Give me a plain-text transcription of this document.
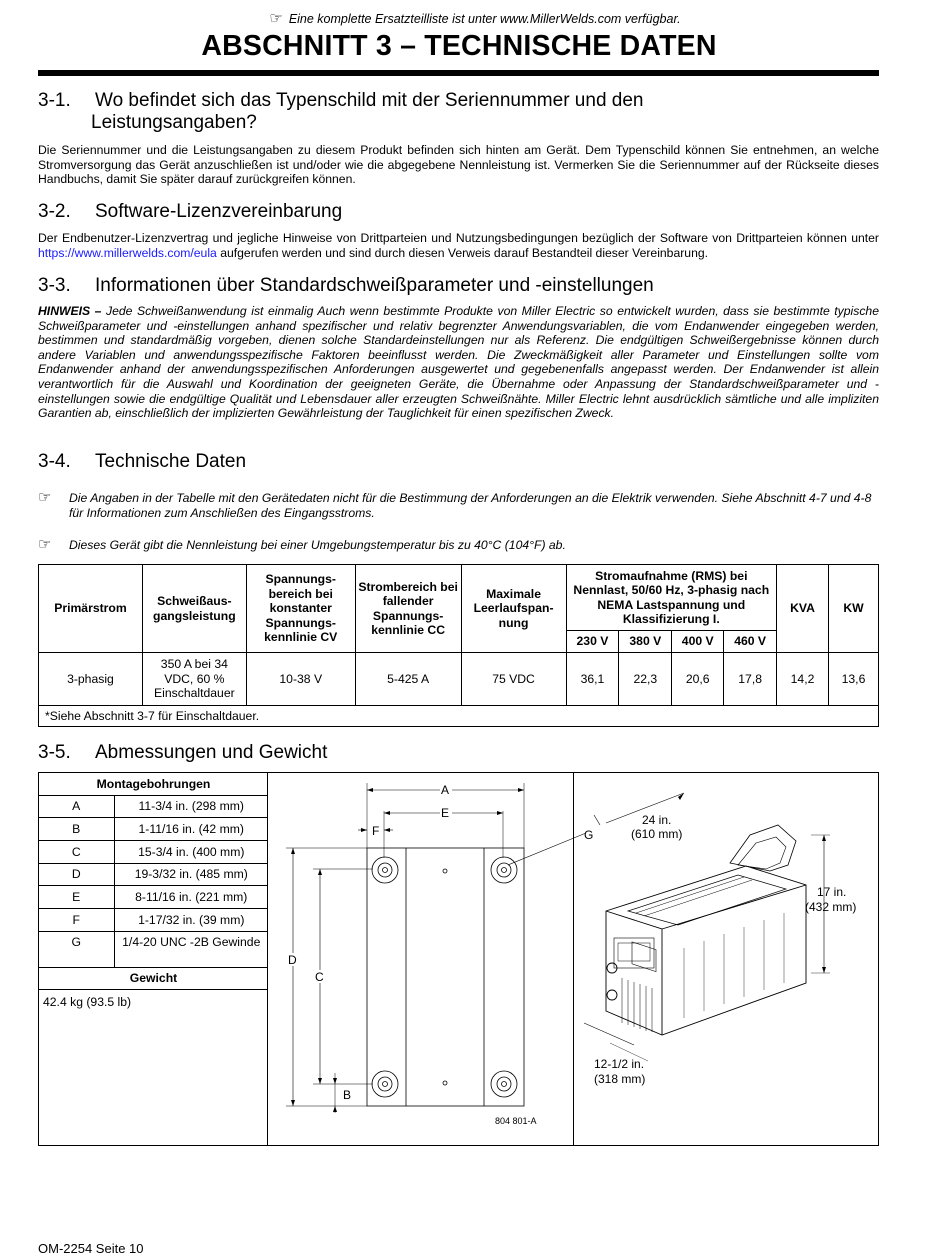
☞ Eine komplette Ersatzteilliste ist unter www.MillerWelds.com verfügbar.
ABSCHNITT 3 – TECHNISCHE DATEN
3-1. Wo befindet sich das Typenschild mit der Seriennummer und den
Leistungsangaben?

Die Seriennummer und die Leistungsangaben zu diesem Produkt befinden sich hinten am Gerät. Dem Typenschild können Sie entnehmen, an welche Stromversorgung das Gerät anzuschließen ist und/oder wie die abgegebene Nennleistung ist. Vermerken Sie die Seriennummer auf der Rückseite dieses Handbuchs, damit Sie später darauf zurückgreifen können.

3-2. Software-Lizenzvereinbarung

Der Endbenutzer-Lizenzvertrag und jegliche Hinweise von Drittparteien und Nutzungsbedingungen bezüglich der Software von Drittparteien können unter https://www.millerwelds.com/eula aufgerufen werden und sind durch diesen Verweis darauf Bestandteil dieser Vereinbarung.

3-3. Informationen über Standardschweißparameter und -einstellungen

HINWEIS – Jede Schweißanwendung ist einmalig Auch wenn bestimmte Produkte von Miller Electric so entwickelt wurden, dass sie bestimmte typische Schweißparameter und -einstellungen anhand spezifischer und relativ begrenzter Anwendungsvariablen, die vom Endanwender eingegeben werden, bestimmen und standardmäßig vorgeben, dienen solche Standardeinstellungen nur als Referenz. Die endgültigen Schweißergebnisse können durch andere Variablen und anwendungsspezifische Faktoren beeinflusst werden. Die Zweckmäßigkeit aller Parameter und Einstellungen sollte vom Endanwender anhand der anwendungsspezifischen Anforderungen ausgewertet und gegebenenfalls angepasst werden. Der Endanwender ist allein verantwortlich für die Auswahl und Koordination der geeigneten Geräte, die Übernahme oder Anpassung der Standardschweißparameter und -einstellungen sowie die endgültige Qualität und Lebensdauer aller erzeugten Schweißnähte. Miller Electric lehnt ausdrücklich sämtliche und alle impliziten Garantien ab, einschließlich der implizierten Gewährleistung der Tauglichkeit für einen spezifischen Zweck.

3-4. Technische Daten
☞ Die Angaben in der Tabelle mit den Gerätedaten nicht für die Bestimmung der Anforderungen an die Elektrik verwenden. Siehe Abschnitt 4-7 und 4-8 für Informationen zum Anschließen des Eingangsstroms.
☞ Dieses Gerät gibt die Nennleistung bei einer Umgebungstemperatur bis zu 40°C (104°F) ab.
Primärstrom	Schweißausgangsleistung	Spannungsbereich bei konstanter Spannungskennlinie CV	Strombereich bei fallender Spannungskennlinie CC	Maximale Leerlaufspannung	Stromaufnahme (RMS) bei Nennlast, 50/60 Hz, 3-phasig nach NEMA Lastspannung und Klassifizierung I.				KVA	KW
					230 V	380 V	400 V	460 V		
3-phasig	350 A bei 34 VDC, 60 % Einschaltdauer	10-38 V	5-425 A	75 VDC	36,1	22,3	20,6	17,8	14,2	13,6
*Siehe Abschnitt 3-7 für Einschaltdauer.										
3-5. Abmessungen und Gewicht
Montagebohrungen	
A	11-3/4 in. (298 mm)
B	1-11/16 in. (42 mm)
C	15-3/4 in. (400 mm)
D	19-3/32 in. (485 mm)
E	8-11/16 in. (221 mm)
F	1-17/32 in. (39 mm)
G	1/4-20 UNC -2B Gewinde
Gewicht	
42.4 kg (93.5 lb)
A
E
F	G
D
C
B
804 801-A
24 in.
(610 mm)
17 in.
(432 mm)
12-1/2 in.
(318 mm)
OM-2254 Seite 10
